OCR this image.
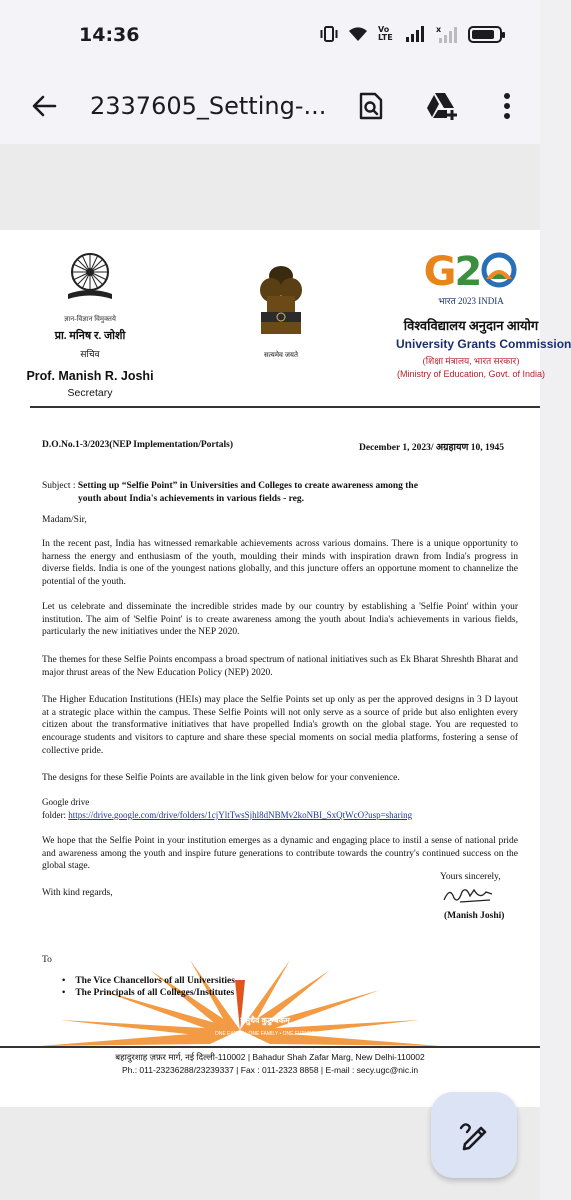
14:36	Vo LTE
x
2337605_Setting-...
ज्ञान-विज्ञान विमुक्तये
प्रा. मनिष र. जोशी
सचिव
Prof. Manish R. Joshi
Secretary
सत्यमेव जयते
G2
भारत 2023 INDIA
विश्वविद्यालय अनुदान आयोग
University Grants Commission
(शिक्षा मंत्रालय, भारत सरकार)
(Ministry of Education, Govt. of India)
D.O.No.1-3/2023(NEP Implementation/Portals)	December 1, 2023/ अग्रहायण 10, 1945
Subject : Setting up “Selfie Point” in Universities and Colleges to create awareness among the
youth about India's achievements in various fields - reg.
Madam/Sir,
In the recent past, India has witnessed remarkable achievements across various domains. There is a unique opportunity to harness the energy and enthusiasm of the youth, moulding their minds with inspiration drawn from India's progress in diverse fields. India is one of the youngest nations globally, and this juncture offers an opportune moment to channelize the potential of the youth.
Let us celebrate and disseminate the incredible strides made by our country by establishing a 'Selfie Point' within your institution. The aim of 'Selfie Point' is to create awareness among the youth about India's achievements in various fields, particularly the new initiatives under the NEP 2020.
The themes for these Selfie Points encompass a broad spectrum of national initiatives such as Ek Bharat Shreshth Bharat and major thrust areas of the New Education Policy (NEP) 2020.
The Higher Education Institutions (HEIs) may place the Selfie Points set up only as per the approved designs in 3 D layout at a strategic place within the campus. These Selfie Points will not only serve as a source of pride but also enlighten every citizen about the transformative initiatives that have propelled India's growth on the global stage. You are requested to encourage students and visitors to capture and share these special moments on social media platforms, fostering a sense of collective pride.
The designs for these Selfie Points are available in the link given below for your convenience.
Google drive
folder: https://drive.google.com/drive/folders/1cjYltTwsSjhl8dNBMv2koNBI_SxQtWcO?usp=sharing
We hope that the Selfie Point in your institution emerges as a dynamic and engaging place to instil a sense of national pride and awareness among the youth and inspire future generations to contribute towards the country's continued success on the global stage.
With kind regards,
Yours sincerely,
(Manish Joshi)
To
• The Vice Chancellors of all Universities
• The Principals of all Colleges/Institutes
वसुधैव कुटुम्बकम्
ONE EARTH • ONE FAMILY • ONE FUTURE
बहादुरशाह ज़फ़र मार्ग, नई दिल्ली-110002 | Bahadur Shah Zafar Marg, New Delhi-110002
Ph.: 011-23236288/23239337 | Fax : 011-2323 8858 | E-mail : secy.ugc@nic.in
